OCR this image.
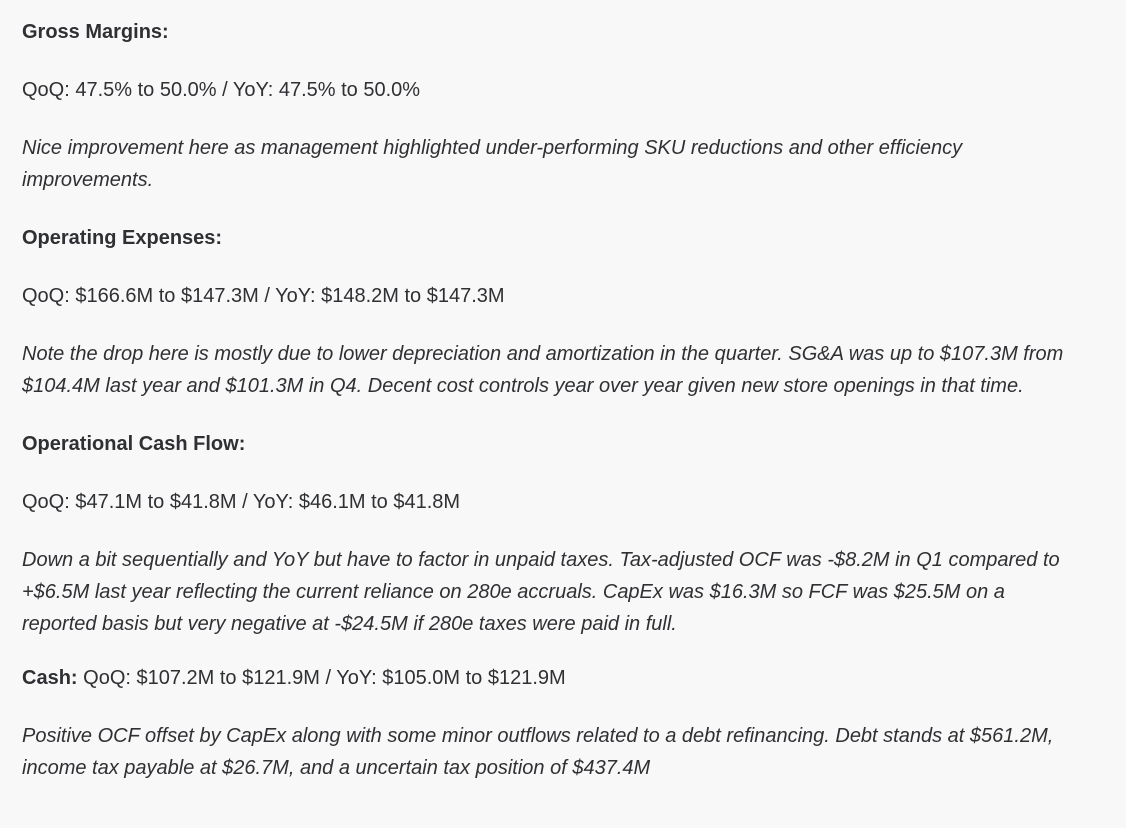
Gross Margins:

QoQ: 47.5% to 50.0% / YoY: 47.5% to 50.0%

Nice improvement here as management highlighted under-performing SKU reductions and other efficiency improvements.

Operating Expenses:

QoQ: $166.6M to $147.3M / YoY: $148.2M to $147.3M

Note the drop here is mostly due to lower depreciation and amortization in the quarter. SG&A was up to $107.3M from $104.4M last year and $101.3M in Q4. Decent cost controls year over year given new store openings in that time.

Operational Cash Flow:

QoQ: $47.1M to $41.8M / YoY: $46.1M to $41.8M

Down a bit sequentially and YoY but have to factor in unpaid taxes. Tax-adjusted OCF was -$8.2M in Q1 compared to +$6.5M last year reflecting the current reliance on 280e accruals. CapEx was $16.3M so FCF was $25.5M on a reported basis but very negative at -$24.5M if 280e taxes were paid in full.

Cash: QoQ: $107.2M to $121.9M / YoY: $105.0M to $121.9M

Positive OCF offset by CapEx along with some minor outflows related to a debt refinancing. Debt stands at $561.2M, income tax payable at $26.7M, and a uncertain tax position of $437.4M
